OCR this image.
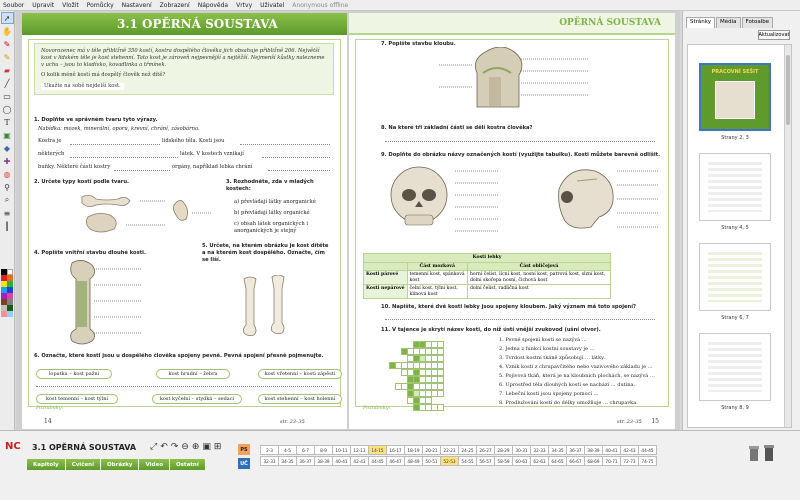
Soubor Upravit Vložit Pomůcky Nastavení Zobrazení Nápověda Vrtvy Uživatel Anonymous offline
➚
✋
✎
✎
▰
╱
▭
◯
T
▣
◆
✚
◍
⚲
⌕
≡
┃
3.1 OPĚRNÁ SOUSTAVA
Novorozenec má v těle přibližně 350 kostí, kostra dospělého člověka jich obsahuje přibližně 206. Největší kost v lidském těle je kost stehenní. Tato kost je zároveň nejpevnější a nejtěžší. Nejmenší kůstky nalezneme v uchu – jsou to kladívko, kovadlinka a třmínek.
O kolik méně kostí má dospělý člověk než dítě?
Ukažte na sobě nejdelší kost.
1. Doplňte ve správném tvaru tyto výrazy.
Nabídka: mozek, minerální, oporu, krevní, chrání, zásobárna.
Kostra je	lidského těla. Kosti jsou
některých	látek. V kostech vznikají
buňky. Některé části kostry	orgány, například lebka chrání
2. Určete typy kostí podle tvaru.	3. Rozhodněte, zda v mladých kostech:
a) převládají látky anorganické
b) převládají látky organické
c) obsah látek organických i anorganických je stejný
4. Popište vnitřní stavbu dlouhé kosti.
5. Určete, na kterém obrázku je kost dítěte a na kterém kost dospělého. Označte, čím se liší.
6. Označte, které kosti jsou u dospělého člověka spojeny pevně. Pevná spojení přesně pojmenujte.
lopatka – kost pažní	kost hrudní – žebra	kost vřetenní – kosti zápěstí
kost temenní – kost týlní	kost kyčelní – stydká – sedací	kost stehenní – kost holenní
Poznámky:
14	str. 23–35
OPĚRNÁ SOUSTAVA
7. Popište stavbu kloubu.
8. Na které tři základní části se dělí kostra člověka?
9. Doplňte do obrázku názvy označených kostí (využijte tabulku). Kosti můžete barevně odlišit.
Kosti lebky		
	Část mozková	Část obličejová
Kosti párové	temenní kost, spánková kost	horní čelist, lícní kost, nosní kost, patrová kost, slzní kost, dolní skořepa nosní, čichová kost
Kosti nepárové	čelní kost, týlní kost, klínová kost	dolní čelist, radličná kost
10. Napište, které dvě kosti lebky jsou spojeny kloubem. Jaký význam má toto spojení?
11. V tajence je skrytí název kosti, do níž ústí vnější zvukovod (ušní otvor).
1. Pevné spojení kostí se nazývá …
2. Jedna z funkcí kostní soustavy je …
3. Tvrdost kostní tkáně způsobují … látky.
4. Vznik kostí z chrupavčitého nebo vazivového základu je …
5. Pojivová tkáň, která je na kloubních plochách, se nazývá …
6. Uprostřed těla dlouhých kostí se nachází … dutina.
7. Lebeční kosti jsou spojeny pomocí …
8. Prodlužování kostí do délky umožňuje … chrupavka.
Poznámky:
15
str. 23–35
Stránky	Média	Fotoalbe
Aktualizovat
PRACOVNÍ SEŠIT
Strany 2, 3
Strany 4, 5
Strany 6, 7
Strany 8, 9
NC	3.1 OPĚRNÁ SOUSTAVA
Kapitoly	Cvičení	Obrázky	Video	Ostatní
⤢ ↶ ↷ ⊖ ⊕ ▣ ⊞	PS
UČ
2-3	4-5	6-7	8-9	10-11	12-13	14-15	16-17	18-19	20-21	22-23	24-25	26-27	28-29	30-31	32-33	34-35	36-37	38-39	40-41	42-43	44-45
32-33	34-35	36-37	38-39	40-41	42-43	44-45	46-47	48-49	50-51	52-53	54-55	56-57	58-59	60-61	62-63	64-65	66-67	68-69	70-71	72-73	74-75
